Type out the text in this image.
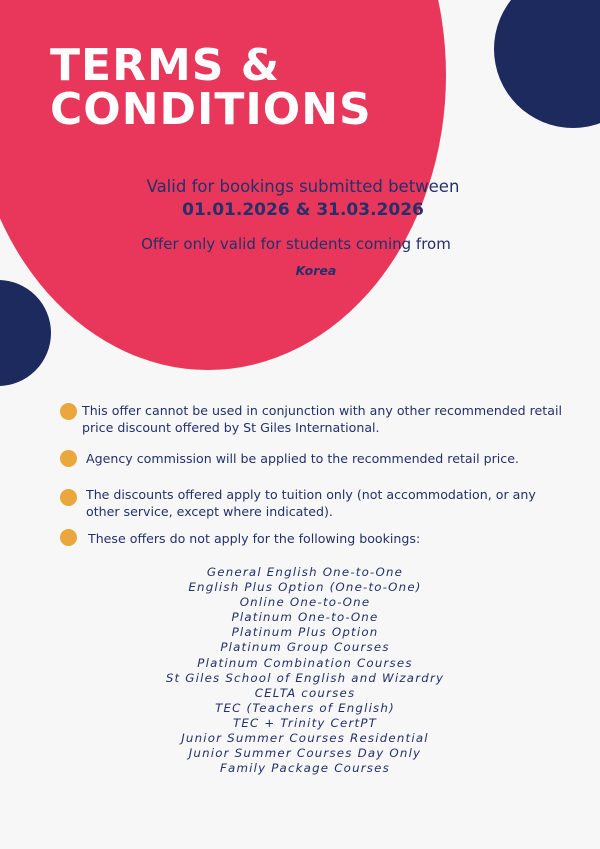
TERMS &
CONDITIONS
Valid for bookings submitted between
01.01.2026 & 31.03.2026
Offer only valid for students coming from
Korea
This offer cannot be used in conjunction with any other recommended retail price discount offered by St Giles International.
Agency commission will be applied to the recommended retail price.
The discounts offered apply to tuition only (not accommodation, or any other service, except where indicated).
These offers do not apply for the following bookings:
General English One-to-One
English Plus Option (One-to-One)
Online One-to-One
Platinum One-to-One
Platinum Plus Option
Platinum Group Courses
Platinum Combination Courses
St Giles School of English and Wizardry
CELTA courses
TEC (Teachers of English)
TEC + Trinity CertPT
Junior Summer Courses Residential
Junior Summer Courses Day Only
Family Package Courses
